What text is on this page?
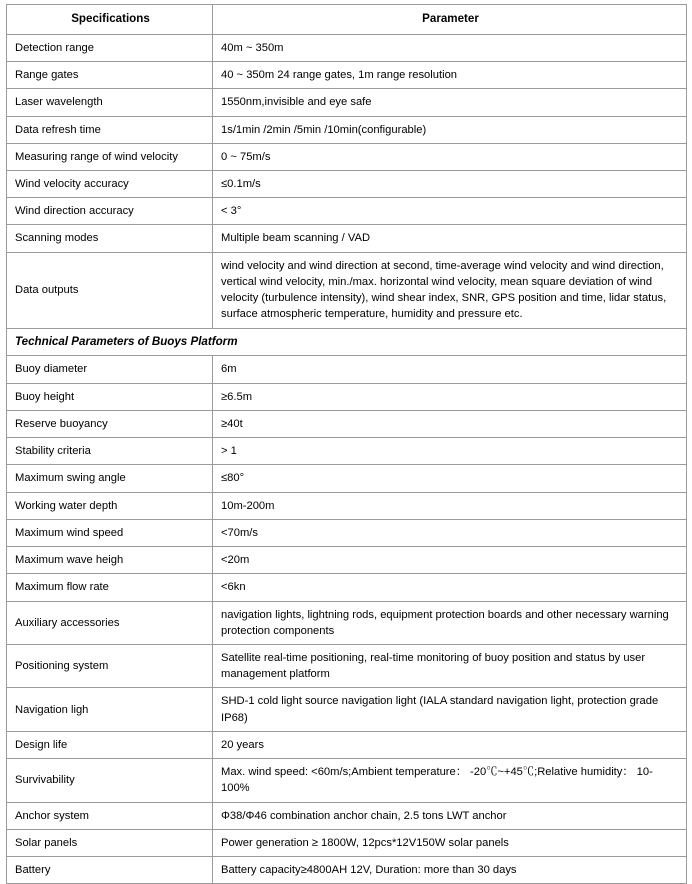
Specifications	Parameter
Detection range	40m ~ 350m
Range gates	40 ~ 350m 24 range gates, 1m range resolution
Laser wavelength	1550nm,invisible and eye safe
Data refresh time	1s/1min /2min /5min /10min(configurable)
Measuring range of wind velocity	0 ~ 75m/s
Wind velocity accuracy	≤0.1m/s
Wind direction accuracy	< 3°
Scanning modes	Multiple beam scanning / VAD
Data outputs	wind velocity and wind direction at second, time-average wind velocity and wind direction, vertical wind velocity, min./max. horizontal wind velocity, mean square deviation of wind velocity (turbulence intensity), wind shear index, SNR, GPS position and time, lidar status, surface atmospheric temperature, humidity and pressure etc.
Technical Parameters of Buoys Platform	
Buoy diameter	6m
Buoy height	≥6.5m
Reserve buoyancy	≥40t
Stability criteria	> 1
Maximum swing angle	≤80°
Working water depth	10m-200m
Maximum wind speed	<70m/s
Maximum wave heigh	<20m
Maximum flow rate	<6kn
Auxiliary accessories	navigation lights, lightning rods, equipment protection boards and other necessary warning protection components
Positioning system	Satellite real-time positioning, real-time monitoring of buoy position and status by user management platform
Navigation ligh	SHD-1 cold light source navigation light (IALA standard navigation light, protection grade IP68)
Design life	20 years
Survivability	Max. wind speed: <60m/s;Ambient temperature： -20℃~+45℃;Relative humidity： 10-100%
Anchor system	Φ38/Φ46 combination anchor chain, 2.5 tons LWT anchor
Solar panels	Power generation ≥ 1800W, 12pcs*12V150W solar panels
Battery	Battery capacity≥4800AH 12V, Duration: more than 30 days
